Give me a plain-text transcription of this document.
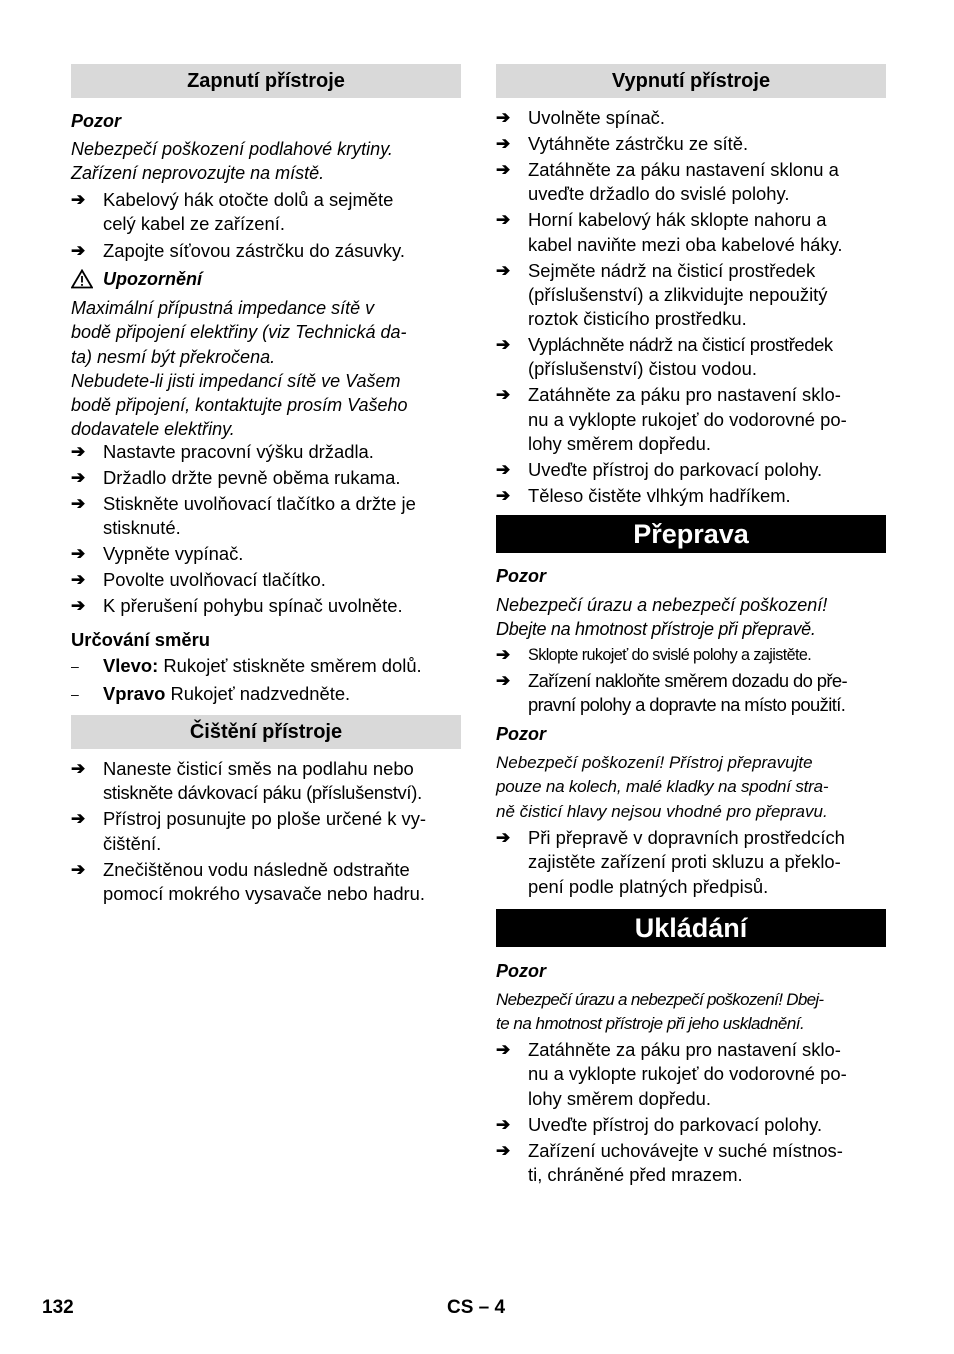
Zapnutí přístroje
Pozor

Nebezpečí poškození podlahové krytiny.

Zařízení neprovozujte na místě.

➔
Kabelový hák otočte dolů a sejměte
celý kabel ze zařízení.
➔
Zapojte síťovou zástrčku do zásuvky.
Upozornění

Maximální přípustná impedance sítě v

bodě připojení elektřiny (viz Technická da-

ta) nesmí být překročena.

Nebudete-li jisti impedancí sítě ve Vašem

bodě připojení, kontaktujte prosím Vašeho

dodavatele elektřiny.

➔
Nastavte pracovní výšku držadla.
➔
Držadlo držte pevně oběma rukama.
➔
Stiskněte uvolňovací tlačítko a držte je
stisknuté.
➔
Vypněte vypínač.
➔
Povolte uvolňovací tlačítko.
➔
K přerušení pohybu spínač uvolněte.
Určování směru
–	Vlevo: Rukojeť stiskněte směrem dolů.
–	Vpravo Rukojeť nadzvedněte.
Čištění přístroje
➔
Naneste čisticí směs na podlahu nebo
stiskněte dávkovací páku (příslušenství).
➔
Přístroj posunujte po ploše určené k vy-
čištění.
➔
Znečištěnou vodu následně odstraňte
pomocí mokrého vysavače nebo hadru.
Vypnutí přístroje
➔
Uvolněte spínač.
➔
Vytáhněte zástrčku ze sítě.
➔
Zatáhněte za páku nastavení sklonu a
uveďte držadlo do svislé polohy.
➔
Horní kabelový hák sklopte nahoru a
kabel naviňte mezi oba kabelové háky.
➔
Sejměte nádrž na čisticí prostředek
(příslušenství) a zlikvidujte nepoužitý
roztok čisticího prostředku.
➔
Vypláchněte nádrž na čisticí prostředek
(příslušenství) čistou vodou.
➔
Zatáhněte za páku pro nastavení sklo-
nu a vyklopte rukojeť do vodorovné po-
lohy směrem dopředu.
➔
Uveďte přístroj do parkovací polohy.
➔
Těleso čistěte vlhkým hadříkem.
Přeprava
Pozor

Nebezpečí úrazu a nebezpečí poškození!

Dbejte na hmotnost přístroje při přepravě.

➔
Sklopte rukojeť do svislé polohy a zajistěte.
➔
Zařízení nakloňte směrem dozadu do pře-
pravní polohy a dopravte na místo použití.
Pozor

Nebezpečí poškození! Přístroj přepravujte

pouze na kolech, malé kladky na spodní stra-

ně čisticí hlavy nejsou vhodné pro přepravu.

➔
Při přepravě v dopravních prostředcích
zajistěte zařízení proti skluzu a překlo-
pení podle platných předpisů.
Ukládání
Pozor

Nebezpečí úrazu a nebezpečí poškození! Dbej-

te na hmotnost přístroje při jeho uskladnění.

➔
Zatáhněte za páku pro nastavení sklo-
nu a vyklopte rukojeť do vodorovné po-
lohy směrem dopředu.
➔
Uveďte přístroj do parkovací polohy.
➔
Zařízení uchovávejte v suché místnos-
ti, chráněné před mrazem.
132	CS – 4
